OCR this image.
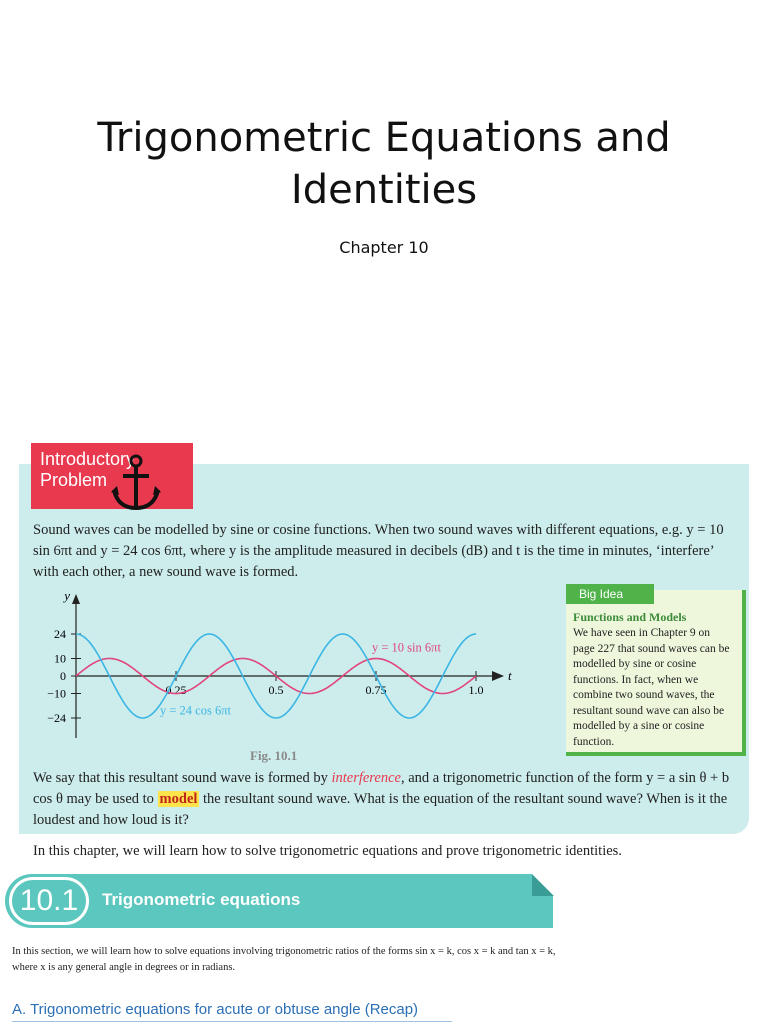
Trigonometric Equations and
Identities
Chapter 10
Introductory
Problem
Sound waves can be modelled by sine or cosine functions. When two sound waves with different equations, e.g. y = 10 sin 6πt and y = 24 cos 6πt, where y is the amplitude measured in decibels (dB) and t is the time in minutes, ‘interfere’ with each other, a new sound wave is formed.
y
t
24
10
0
−10
−24
0.25	0.5	0.75	1.0
y = 10 sin 6πt
y = 24 cos 6πt
Fig. 10.1
Big Idea
Functions and Models
We have seen in Chapter 9 on page 227 that sound waves can be modelled by sine or cosine functions. In fact, when we combine two sound waves, the resultant sound wave can also be modelled by a sine or cosine function.
We say that this resultant sound wave is formed by interference, and a trigonometric function of the form y = a sin θ + b cos θ may be used to model the resultant sound wave. What is the equation of the resultant sound wave? When is it the loudest and how loud is it?
In this chapter, we will learn how to solve trigonometric equations and prove trigonometric identities.
10.1	Trigonometric equations
In this section, we will learn how to solve equations involving trigonometric ratios of the forms sin x = k, cos x = k and tan x = k, where x is any general angle in degrees or in radians.
A. Trigonometric equations for acute or obtuse angle (Recap)
